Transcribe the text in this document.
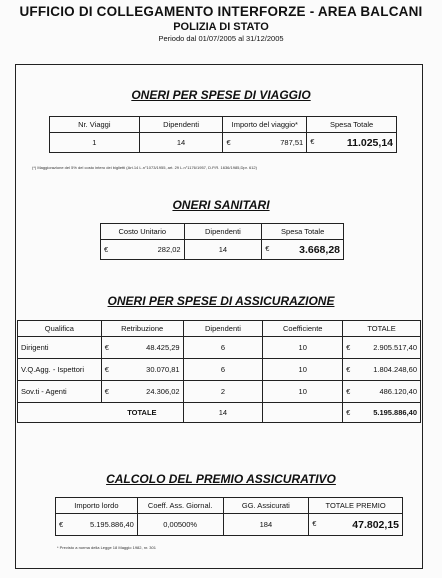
UFFICIO DI COLLEGAMENTO INTERFORZE - AREA BALCANI
POLIZIA DI STATO
Periodo dal 01/07/2005 al 31/12/2005
ONERI PER SPESE DI VIAGGIO
Nr. Viaggi	Dipendenti	Importo del viaggio*	Spesa Totale
1	14	€ 787,51	€ 11.025,14
(*) Maggiorazione del 5% del costo intero dei biglietti (Art.14 L.n°1073/1955, art. 29 L.n°1176/1957, D.P.R. 1636/1985,Dpr. 612)
ONERI SANITARI
Costo Unitario	Dipendenti	Spesa Totale
€ 282,02	14	€ 3.668,28
ONERI PER SPESE DI ASSICURAZIONE
Qualifica	Retribuzione	Dipendenti	Coefficiente	TOTALE
Dirigenti	€ 48.425,29	6	10	€ 2.905.517,40

V.Q.Agg. - Ispettori	€ 30.070,81	6	10	€ 1.804.248,60

Sov.ti - Agenti	€ 24.306,02	2	10	€ 486.120,40

	TOTALE	14		€ 5.195.886,40
CALCOLO DEL PREMIO ASSICURATIVO
Importo lordo	Coeff. Ass. Giornal.	GG. Assicurati	TOTALE PREMIO
€ 5.195.886,40	0,00500%	184	€ 47.802,15
* Previsto a norma della Legge 18 Maggio 1982, nr. 301
